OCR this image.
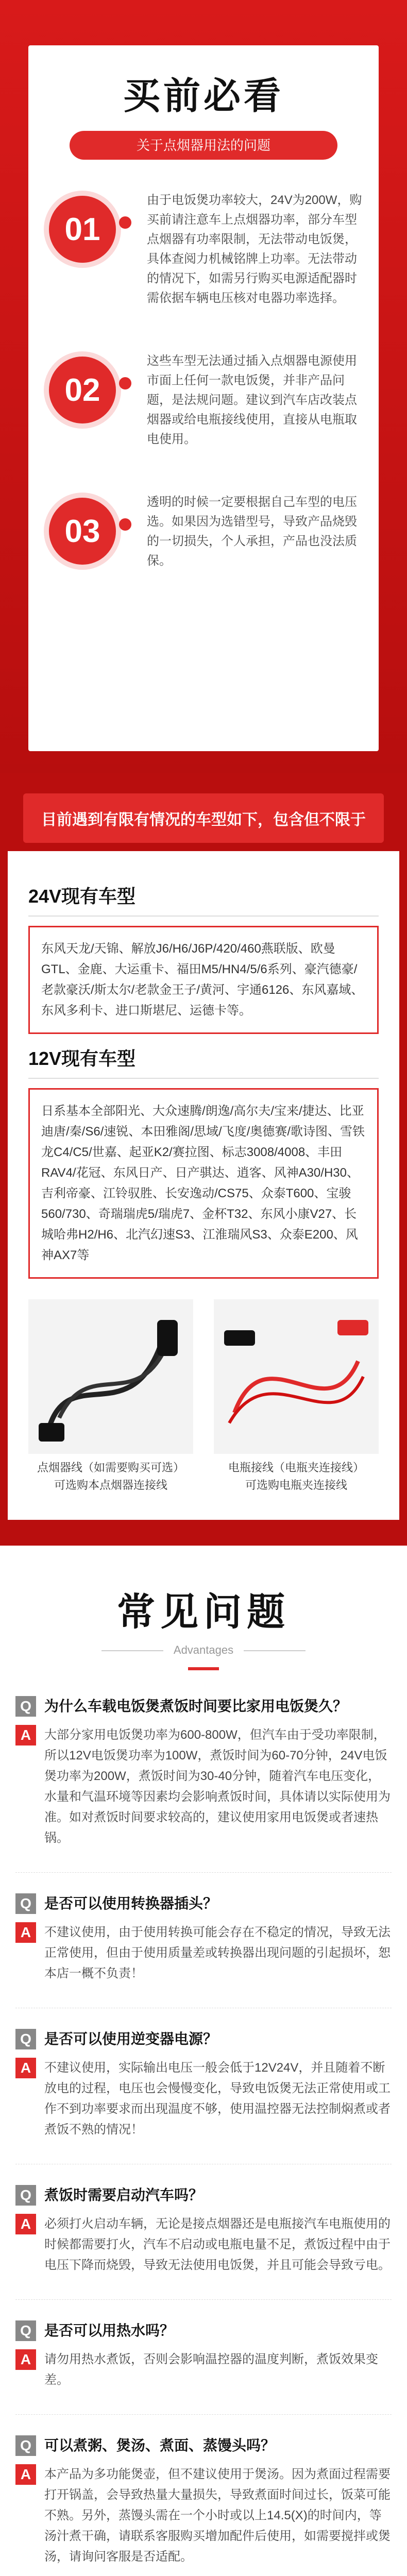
买前必看
关于点烟器用法的问题
01

由于电饭煲功率较大，24V为200W，购买前请注意车上点烟器功率，部分车型点烟器有功率限制，无法带动电饭煲，具体查阅力机械铭牌上功率。无法带动的情况下，如需另行购买电源适配器时需依据车辆电压核对电器功率选择。

02

这些车型无法通过插入点烟器电源使用市面上任何一款电饭煲，并非产品问题，是法规问题。建议到汽车店改装点烟器或给电瓶接线使用，直接从电瓶取电使用。

03

透明的时候一定要根据自己车型的电压选。如果因为选错型号，导致产品烧毁的一切损失，个人承担，产品也没法质保。

目前遇到有限有情况的车型如下，包含但不限于
24V现有车型
东风天龙/天锦、解放J6/H6/J6P/420/460燕联版、欧曼GTL、金鹿、大运重卡、福田M5/HN4/5/6系列、豪汽德豪/老款豪沃/斯太尔/老款金王子/黄河、宇通6126、东风嘉域、东风多利卡、进口斯堪尼、运德卡等。
12V现有车型
日系基本全部阳光、大众速腾/朗逸/高尔夫/宝来/捷达、比亚迪唐/秦/S6/速锐、本田雅阁/思域/飞度/奥德赛/歌诗图、雪铁龙C4/C5/世嘉、起亚K2/赛拉图、标志3008/4008、丰田RAV4/花冠、东风日产、日产骐达、逍客、风神A30/H30、吉利帝豪、江铃驭胜、长安逸动/CS75、众泰T600、宝骏560/730、奇瑞瑞虎5/瑞虎7、金杯T32、东风小康V27、长城哈弗H2/H6、北汽幻速S3、江淮瑞风S3、众泰E200、风神AX7等
点烟器线（如需要购买可选）
可选购本点烟器连接线
电瓶接线（电瓶夹连接线）
可选购电瓶夹连接线
常见问题
Advantages
Q 为什么车载电饭煲煮饭时间要比家用电饭煲久？
A	大部分家用电饭煲功率为600-800W，但汽车由于受功率限制，所以12V电饭煲功率为100W，煮饭时间为60-70分钟，24V电饭煲功率为200W，煮饭时间为30-40分钟，随着汽车电压变化，水量和气温环境等因素均会影响煮饭时间，具体请以实际使用为准。如对煮饭时间要求较高的，建议使用家用电饭煲或者速热锅。
Q 是否可以使用转换器插头？
A	不建议使用，由于使用转换可能会存在不稳定的情况，导致无法正常使用，但由于使用质量差或转换器出现问题的引起损坏，恕本店一概不负责！
Q 是否可以使用逆变器电源？
A	不建议使用，实际输出电压一般会低于12V24V，并且随着不断放电的过程，电压也会慢慢变化，导致电饭煲无法正常使用或工作不到功率要求而出现温度不够，使用温控器无法控制焖煮或者煮饭不熟的情况！
Q 煮饭时需要启动汽车吗？
A	必须打火启动车辆，无论是接点烟器还是电瓶接汽车电瓶使用的时候都需要打火，汽车不启动或电瓶电量不足，煮饭过程中由于电压下降而烧毁，导致无法使用电饭煲，并且可能会导致亏电。
Q 是否可以用热水吗？
A	请勿用热水煮饭，否则会影响温控器的温度判断，煮饭效果变差。
Q 可以煮粥、煲汤、煮面、蒸馒头吗？
A	本产品为多功能煲壶，但不建议使用于煲汤。因为煮面过程需要打开锅盖，会导致热量大量损失，导致煮面时间过长，饭菜可能不熟。另外，蒸馒头需在一个小时或以上14.5(X)的时间内，等汤汁煮干确，请联系客服购买增加配件后使用，如需要搅拌或煲汤，请询问客服是否适配。
